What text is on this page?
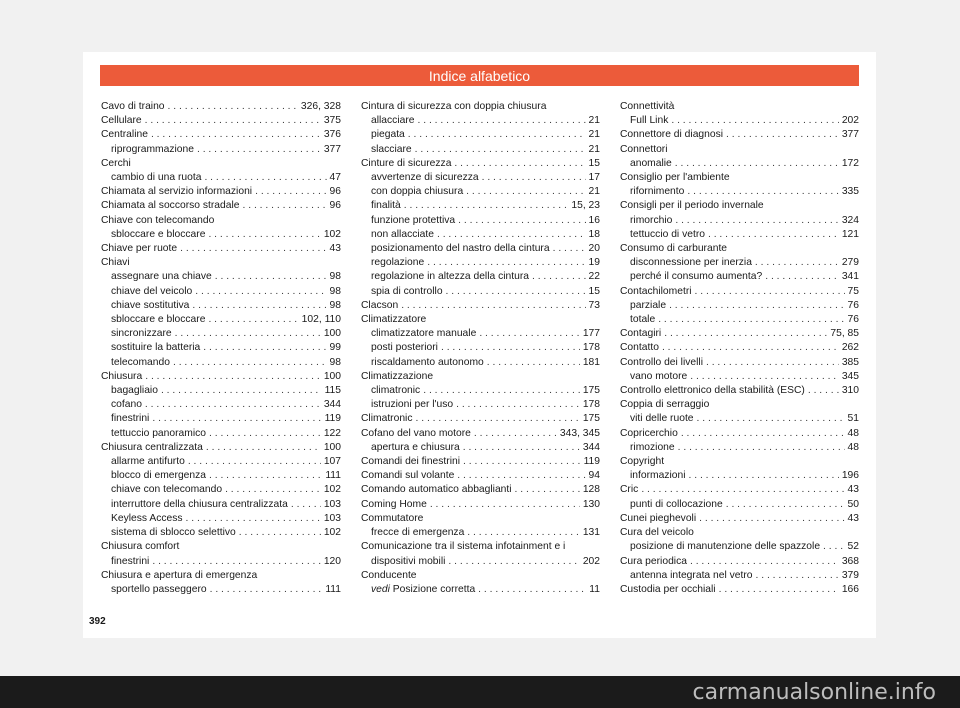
Indice alfabetico
Cavo di traino . . .	326, 328
Cellulare . . .	375
Centraline . . .	376
riprogrammazione . . .	377
Cerchi
cambio di una ruota . . .	47
Chiamata al servizio informazioni . . .	96
Chiamata al soccorso stradale . . .	96
Chiave con telecomando
sbloccare e bloccare . . .	102
Chiave per ruote . . .	43
Chiavi
assegnare una chiave . . .	98
chiave del veicolo . . .	98
chiave sostitutiva . . .	98
sbloccare e bloccare . . .	102, 110
sincronizzare . . .	100
sostituire la batteria . . .	99
telecomando . . .	98
Chiusura . . .	100
bagagliaio . . .	115
cofano . . .	344
finestrini . . .	119
tettuccio panoramico . . .	122
Chiusura centralizzata . . .	100
allarme antifurto . . .	107
blocco di emergenza . . .	111
chiave con telecomando . . .	102
interruttore della chiusura centralizzata . . .	103
Keyless Access . . .	103
sistema di sblocco selettivo . . .	102
Chiusura comfort
finestrini . . .	120
Chiusura e apertura di emergenza
sportello passeggero . . .	111
Cintura di sicurezza con doppia chiusura
allacciare . . .	21
piegata . . .	21
slacciare . . .	21
Cinture di sicurezza . . .	15
avvertenze di sicurezza . . .	17
con doppia chiusura . . .	21
finalità . . .	15, 23
funzione protettiva . . .	16
non allacciate . . .	18
posizionamento del nastro della cintura . . .	20
regolazione . . .	19
regolazione in altezza della cintura . . .	22
spia di controllo . . .	15
Clacson . . .	73
Climatizzatore
climatizzatore manuale . . .	177
posti posteriori . . .	178
riscaldamento autonomo . . .	181
Climatizzazione
climatronic . . .	175
istruzioni per l'uso . . .	178
Climatronic . . .	175
Cofano del vano motore . . .	343, 345
apertura e chiusura . . .	344
Comandi dei finestrini . . .	119
Comandi sul volante . . .	94
Comando automatico abbaglianti . . .	128
Coming Home . . .	130
Commutatore
frecce di emergenza . . .	131
Comunicazione tra il sistema infotainment e i
dispositivi mobili . . .	202
Conducente
vedi Posizione corretta . . .	11
Connettività
Full Link . . .	202
Connettore di diagnosi . . .	377
Connettori
anomalie . . .	172
Consiglio per l'ambiente
rifornimento . . .	335
Consigli per il periodo invernale
rimorchio . . .	324
tettuccio di vetro . . .	121
Consumo di carburante
disconnessione per inerzia . . .	279
perché il consumo aumenta? . . .	341
Contachilometri . . .	75
parziale . . .	76
totale . . .	76
Contagiri . . .	75, 85
Contatto . . .	262
Controllo dei livelli . . .	385
vano motore . . .	345
Controllo elettronico della stabilità (ESC) . . .	310
Coppia di serraggio
viti delle ruote . . .	51
Copricerchio . . .	48
rimozione . . .	48
Copyright
informazioni . . .	196
Cric . . .	43
punti di collocazione . . .	50
Cunei pieghevoli . . .	43
Cura del veicolo
posizione di manutenzione delle spazzole . . .	52
Cura periodica . . .	368
antenna integrata nel vetro . . .	379
Custodia per occhiali . . .	166
392
carmanualsonline.info
